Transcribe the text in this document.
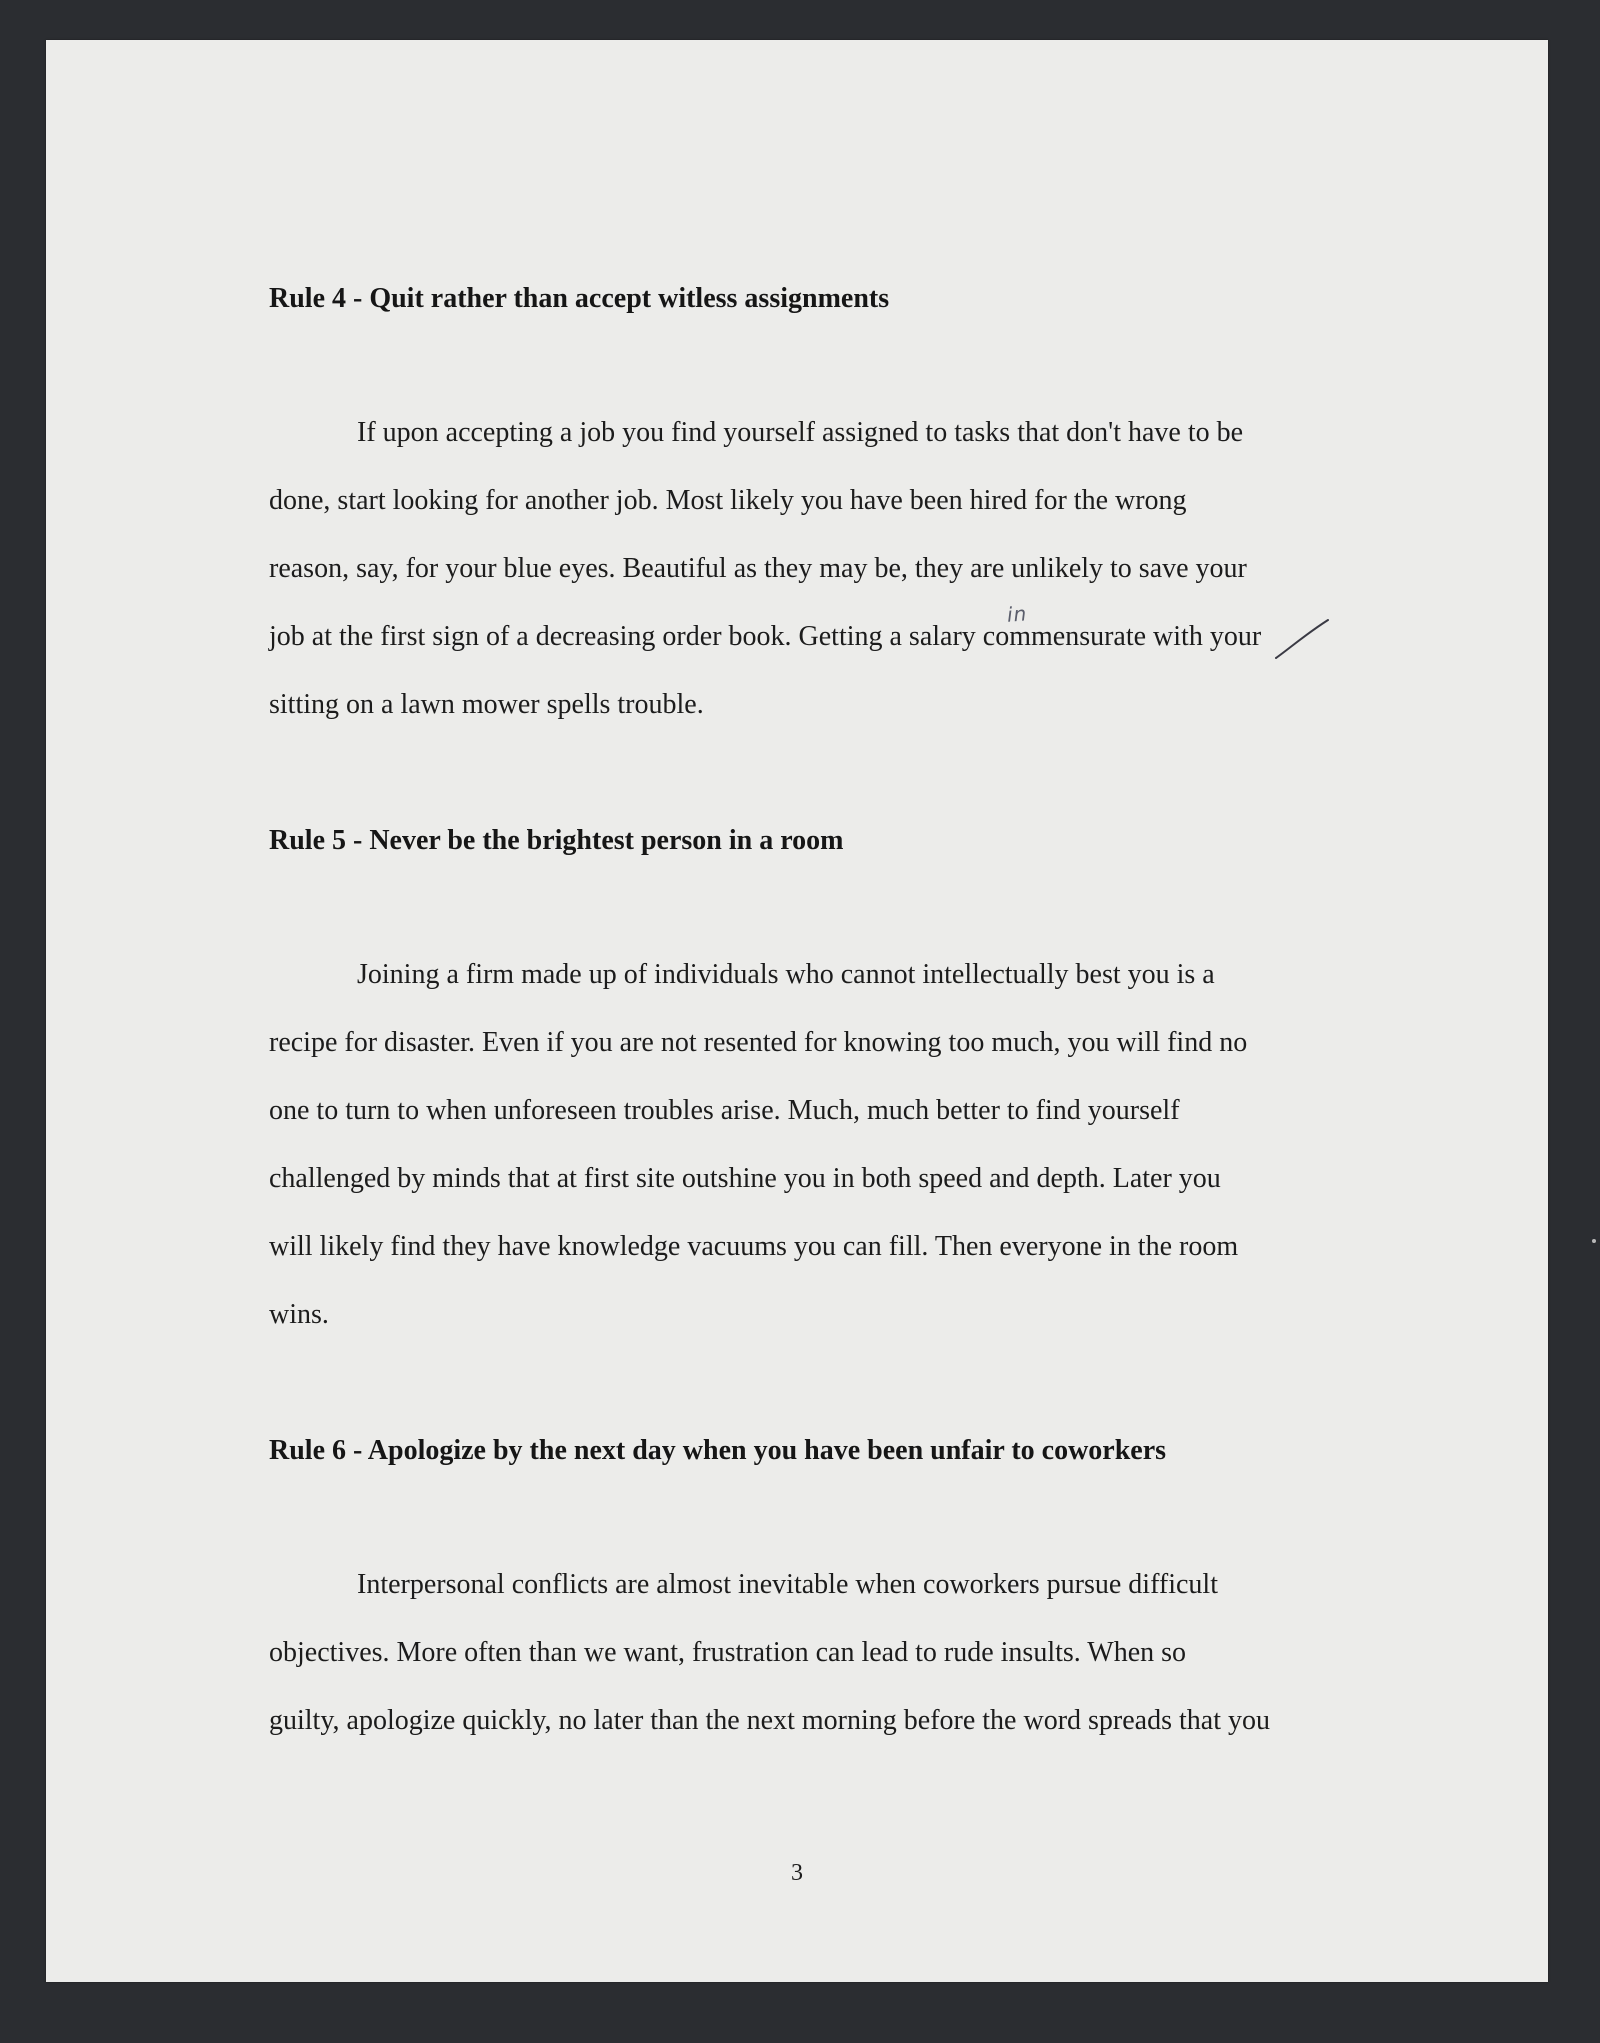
Rule 4 - Quit rather than accept witless assignments
If upon accepting a job you find yourself assigned to tasks that don't have to be
done, start looking for another job. Most likely you have been hired for the wrong
reason, say, for your blue eyes. Beautiful as they may be, they are unlikely to save your
job at the first sign of a decreasing order book. Getting a salary commensurate with your
sitting on a lawn mower spells trouble.
Rule 5 - Never be the brightest person in a room
Joining a firm made up of individuals who cannot intellectually best you is a
recipe for disaster. Even if you are not resented for knowing too much, you will find no
one to turn to when unforeseen troubles arise. Much, much better to find yourself
challenged by minds that at first site outshine you in both speed and depth. Later you
will likely find they have knowledge vacuums you can fill. Then everyone in the room
wins.
Rule 6 - Apologize by the next day when you have been unfair to coworkers
Interpersonal conflicts are almost inevitable when coworkers pursue difficult
objectives. More often than we want, frustration can lead to rude insults. When so
guilty, apologize quickly, no later than the next morning before the word spreads that you
in
3
